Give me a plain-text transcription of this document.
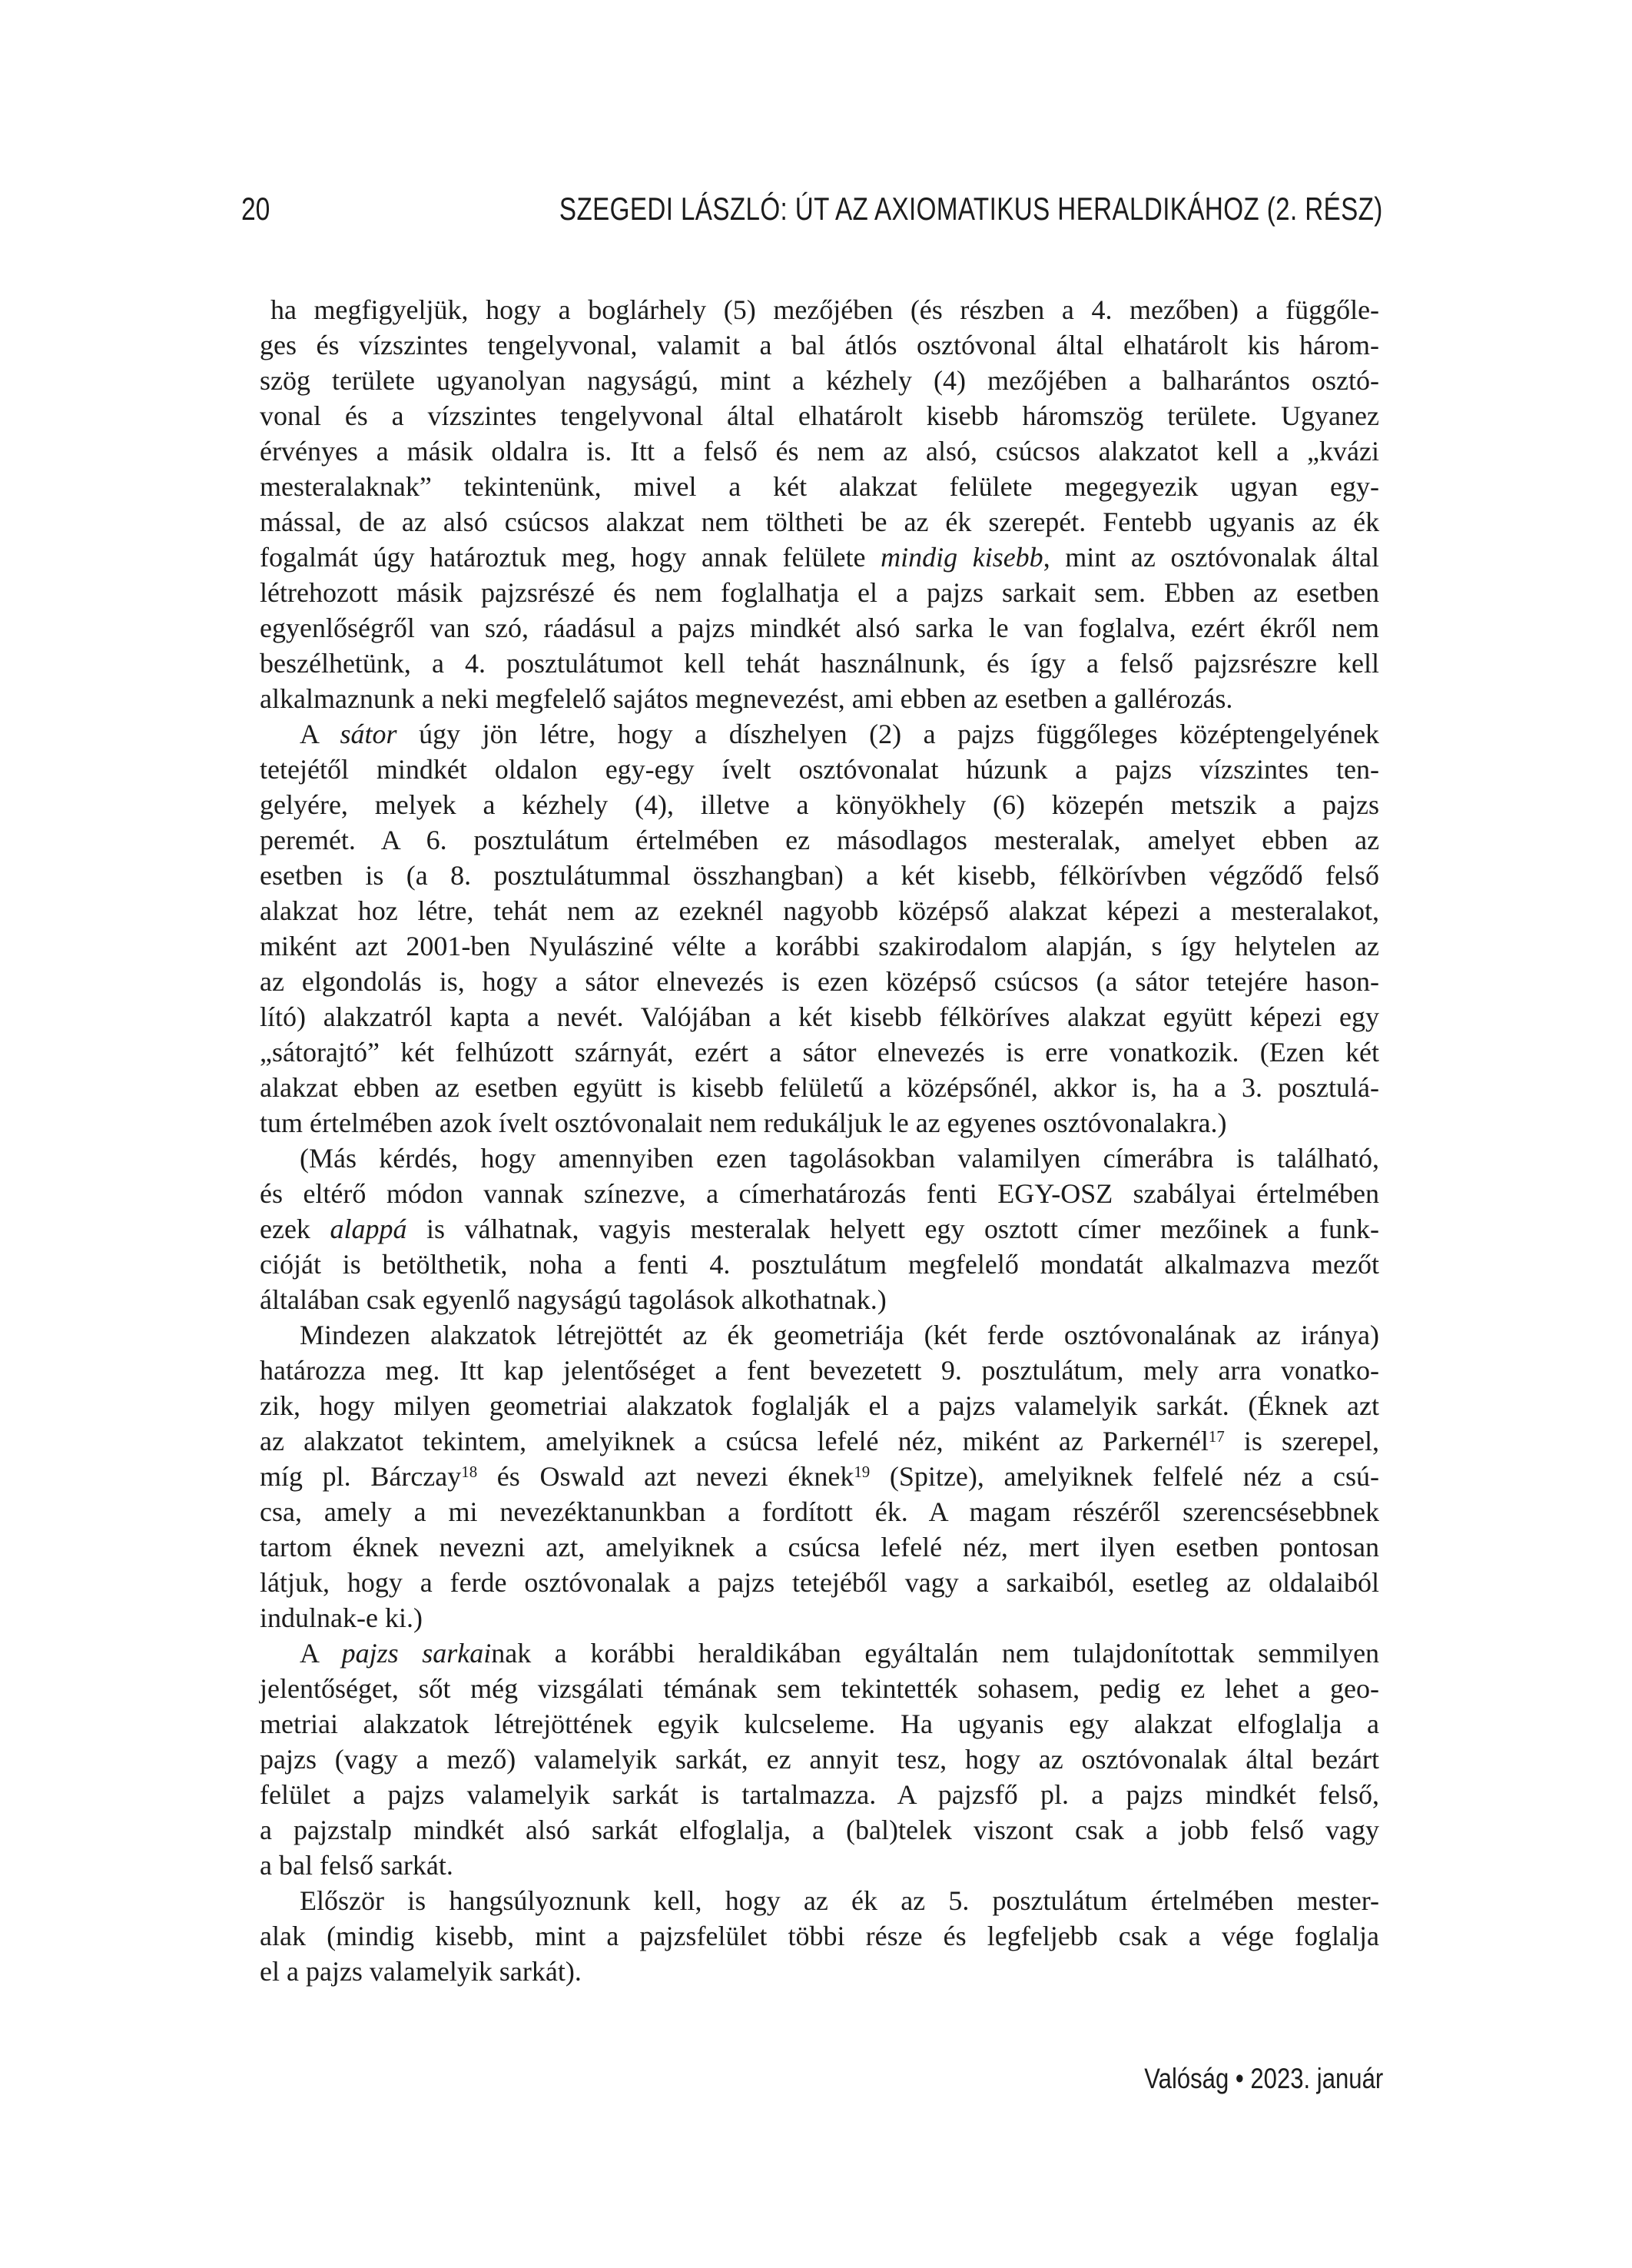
20	SZEGEDI LÁSZLÓ: ÚT AZ AXIOMATIKUS HERALDIKÁHOZ (2. RÉSZ)
ha megfigyeljük, hogy a boglárhely (5) mezőjében (és részben a 4. mezőben) a függőle-
ges és vízszintes tengelyvonal, valamit a bal átlós osztóvonal által elhatárolt kis három-
szög területe ugyanolyan nagyságú, mint a kézhely (4) mezőjében a balharántos osztó-
vonal és a vízszintes tengelyvonal által elhatárolt kisebb háromszög területe. Ugyanez
érvényes a másik oldalra is. Itt a felső és nem az alsó, csúcsos alakzatot kell a „kvázi
mesteralaknak” tekintenünk, mivel a két alakzat felülete megegyezik ugyan egy-
mással, de az alsó csúcsos alakzat nem töltheti be az ék szerepét. Fentebb ugyanis az ék
fogalmát úgy határoztuk meg, hogy annak felülete mindig kisebb, mint az osztóvonalak által
létrehozott másik pajzsrészé és nem foglalhatja el a pajzs sarkait sem. Ebben az esetben
egyenlőségről van szó, ráadásul a pajzs mindkét alsó sarka le van foglalva, ezért ékről nem
beszélhetünk, a 4. posztulátumot kell tehát használnunk, és így a felső pajzsrészre kell
alkalmaznunk a neki megfelelő sajátos megnevezést, ami ebben az esetben a gallérozás.
A sátor úgy jön létre, hogy a díszhelyen (2) a pajzs függőleges középtengelyének
tetejétől mindkét oldalon egy-egy ívelt osztóvonalat húzunk a pajzs vízszintes ten-
gelyére, melyek a kézhely (4), illetve a könyökhely (6) közepén metszik a pajzs
peremét. A 6. posztulátum értelmében ez másodlagos mesteralak, amelyet ebben az
esetben is (a 8. posztulátummal összhangban) a két kisebb, félkörívben végződő felső
alakzat hoz létre, tehát nem az ezeknél nagyobb középső alakzat képezi a mesteralakot,
miként azt 2001-ben Nyulásziné vélte a korábbi szakirodalom alapján, s így helytelen az
az elgondolás is, hogy a sátor elnevezés is ezen középső csúcsos (a sátor tetejére hason-
lító) alakzatról kapta a nevét. Valójában a két kisebb félköríves alakzat együtt képezi egy
„sátorajtó” két felhúzott szárnyát, ezért a sátor elnevezés is erre vonatkozik. (Ezen két
alakzat ebben az esetben együtt is kisebb felületű a középsőnél, akkor is, ha a 3. posztulá-
tum értelmében azok ívelt osztóvonalait nem redukáljuk le az egyenes osztóvonalakra.)
(Más kérdés, hogy amennyiben ezen tagolásokban valamilyen címerábra is található,
és eltérő módon vannak színezve, a címerhatározás fenti EGY-OSZ szabályai értelmében
ezek alappá is válhatnak, vagyis mesteralak helyett egy osztott címer mezőinek a funk-
cióját is betölthetik, noha a fenti 4. posztulátum megfelelő mondatát alkalmazva mezőt
általában csak egyenlő nagyságú tagolások alkothatnak.)
Mindezen alakzatok létrejöttét az ék geometriája (két ferde osztóvonalának az iránya)
határozza meg. Itt kap jelentőséget a fent bevezetett 9. posztulátum, mely arra vonatko-
zik, hogy milyen geometriai alakzatok foglalják el a pajzs valamelyik sarkát. (Éknek azt
az alakzatot tekintem, amelyiknek a csúcsa lefelé néz, miként az Parkernél$^{17}$ is szerepel,
míg pl. Bárczay$^{18}$ és Oswald azt nevezi éknek$^{19}$ (Spitze), amelyiknek felfelé néz a csú-
csa, amely a mi nevezéktanunkban a fordított ék. A magam részéről szerencsésebbnek
tartom éknek nevezni azt, amelyiknek a csúcsa lefelé néz, mert ilyen esetben pontosan
látjuk, hogy a ferde osztóvonalak a pajzs tetejéből vagy a sarkaiból, esetleg az oldalaiból
indulnak-e ki.)
A pajzs sarkainak a korábbi heraldikában egyáltalán nem tulajdonítottak semmilyen
jelentőséget, sőt még vizsgálati témának sem tekintették sohasem, pedig ez lehet a geo-
metriai alakzatok létrejöttének egyik kulcseleme. Ha ugyanis egy alakzat elfoglalja a
pajzs (vagy a mező) valamelyik sarkát, ez annyit tesz, hogy az osztóvonalak által bezárt
felület a pajzs valamelyik sarkát is tartalmazza. A pajzsfő pl. a pajzs mindkét felső,
a pajzstalp mindkét alsó sarkát elfoglalja, a (bal)telek viszont csak a jobb felső vagy
a bal felső sarkát.
Először is hangsúlyoznunk kell, hogy az ék az 5. posztulátum értelmében mester-
alak (mindig kisebb, mint a pajzsfelület többi része és legfeljebb csak a vége foglalja
el a pajzs valamelyik sarkát).
Valóság • 2023. január
